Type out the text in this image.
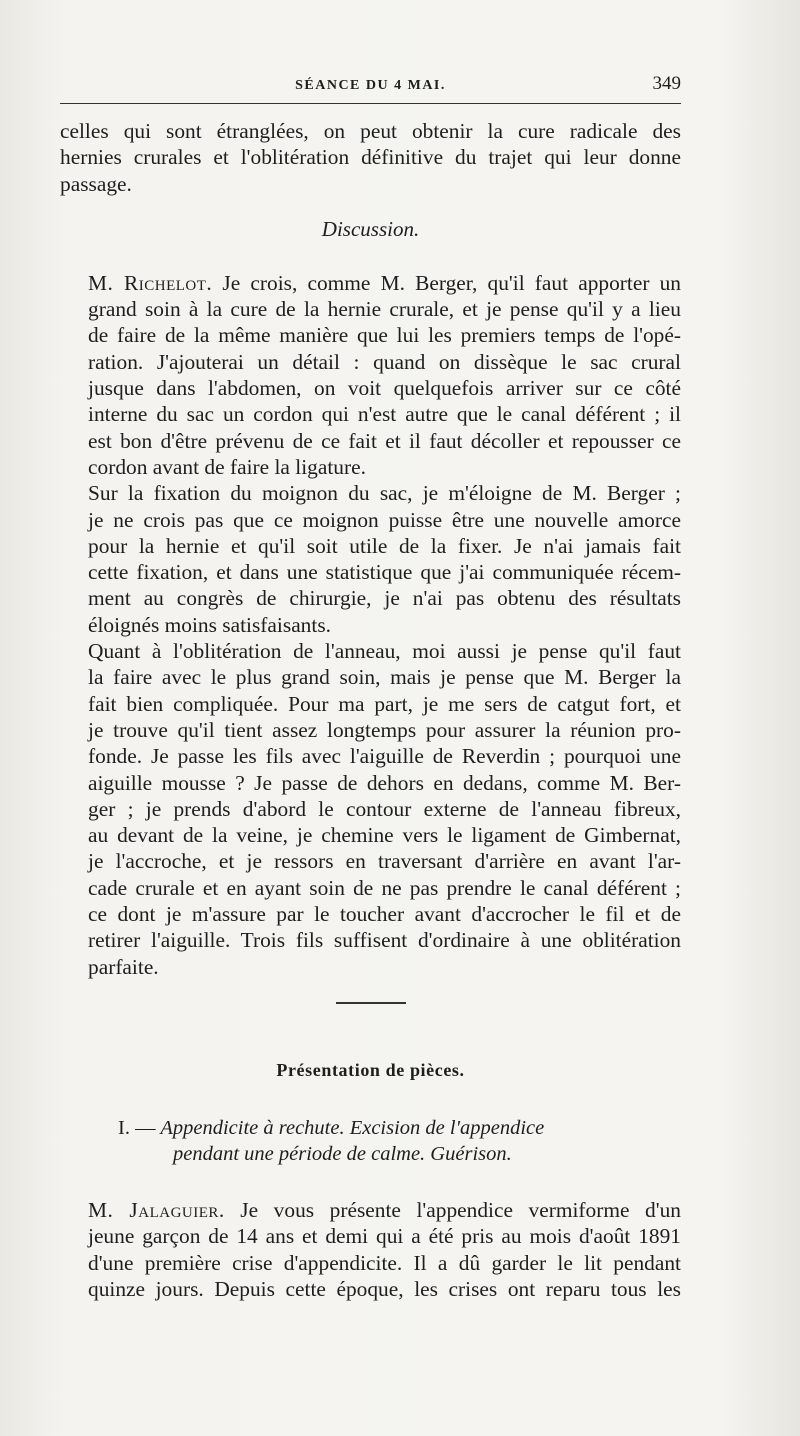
SÉANCE DU 4 MAI.	349

celles qui sont étranglées, on peut obtenir la cure radicale des
hernies crurales et l'oblitération définitive du trajet qui leur donne
passage.

Discussion.

M. Richelot. Je crois, comme M. Berger, qu'il faut apporter un
grand soin à la cure de la hernie crurale, et je pense qu'il y a lieu
de faire de la même manière que lui les premiers temps de l'opé-
ration. J'ajouterai un détail : quand on dissèque le sac crural
jusque dans l'abdomen, on voit quelquefois arriver sur ce côté
interne du sac un cordon qui n'est autre que le canal déférent ; il
est bon d'être prévenu de ce fait et il faut décoller et repousser ce
cordon avant de faire la ligature.

Sur la fixation du moignon du sac, je m'éloigne de M. Berger ;
je ne crois pas que ce moignon puisse être une nouvelle amorce
pour la hernie et qu'il soit utile de la fixer. Je n'ai jamais fait
cette fixation, et dans une statistique que j'ai communiquée récem-
ment au congrès de chirurgie, je n'ai pas obtenu des résultats
éloignés moins satisfaisants.

Quant à l'oblitération de l'anneau, moi aussi je pense qu'il faut
la faire avec le plus grand soin, mais je pense que M. Berger la
fait bien compliquée. Pour ma part, je me sers de catgut fort, et
je trouve qu'il tient assez longtemps pour assurer la réunion pro-
fonde. Je passe les fils avec l'aiguille de Reverdin ; pourquoi une
aiguille mousse ? Je passe de dehors en dedans, comme M. Ber-
ger ; je prends d'abord le contour externe de l'anneau fibreux,
au devant de la veine, je chemine vers le ligament de Gimbernat,
je l'accroche, et je ressors en traversant d'arrière en avant l'ar-
cade crurale et en ayant soin de ne pas prendre le canal déférent ;
ce dont je m'assure par le toucher avant d'accrocher le fil et de
retirer l'aiguille. Trois fils suffisent d'ordinaire à une oblitération
parfaite.

Présentation de pièces.
I. — Appendicite à rechute. Excision de l'appendice
pendant une période de calme. Guérison.

M. Jalaguier. Je vous présente l'appendice vermiforme d'un
jeune garçon de 14 ans et demi qui a été pris au mois d'août 1891
d'une première crise d'appendicite. Il a dû garder le lit pendant
quinze jours. Depuis cette époque, les crises ont reparu tous les
